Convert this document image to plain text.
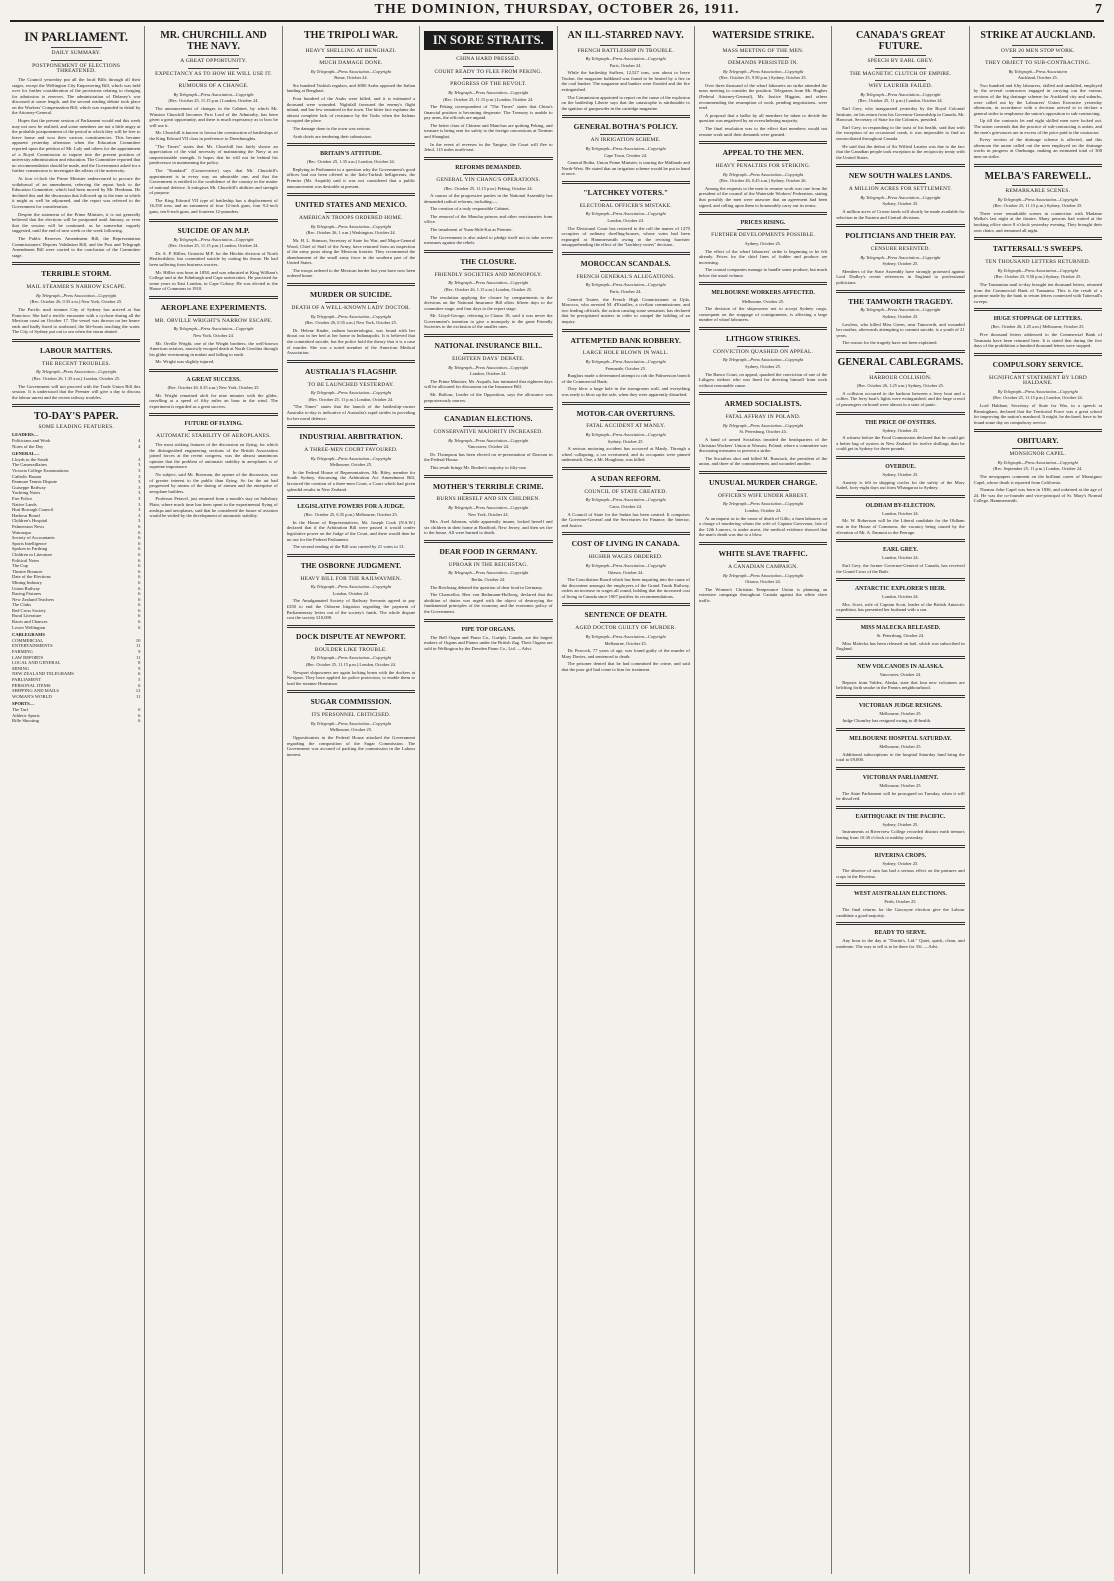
THE DOMINION, THURSDAY, OCTOBER 26, 1911.	7
IN PARLIAMENT.
DAILY SUMMARY.
POSTPONEMENT OF ELECTIONS THREATENED.

The Council yesterday put all the local Bills through all their stages, except the Wellington City Empowering Bill, which was held over for further consideration of the provisions relating to charging for admission to reserves. The administration of Delaney's war discussed at some length, and the second reading debate took place on the Workers' Compensation Bill, which was expanded in detail by the Attorney-General.

Hopes that the present session of Parliament would end this week may not now be realised, and some members are not a little angry at the probable postponement of the period at which they will be free to leave home and woo their various constituencies. This became apparent yesterday afternoon when the Education Committee reported upon the petition of Mr. Luly and others for the appointment of a Royal Commission to inquire into the present position of university administration and education. The Committee reported that no recommendation should be made, and the Government asked for a further commission to investigate the affairs of the university.

At four o'clock the Prime Minister endeavoured to procure the withdrawal of an amendment, referring the report back to the Education Committee, which had been moved by Mr. Herdman. He declined this and the discussion that followed up to the time at which it might as well be adjourned, and the report was referred to the Government for consideration.

Despite the statement of the Prime Minister, it is not generally believed that the elections will be postponed until January, or even that the session will be continued, as he somewhat vaguely suggested, until the end of next week or the week following.

The Public Reserves Amendment Bill, the Representation Commissioners' Reports Validation Bill, and the Post and Telegraph Amendment Bill were carried to the conclusion of the Committee stage.

TERRIBLE STORM.
MAIL STEAMER'S NARROW ESCAPE.
By Telegraph—Press Association—Copyright
(Rec. October 26, 0.35 a.m.) New York, October 25.

The Pacific mail steamer City of Sydney has arrived at San Francisco. She had a terrific encounter with a cyclone during all the Mexican coast on October 17. The vessel was thrown on her beam-ends and badly listed to starboard, the life-boats touching the water. The City of Sydney put out to sea when the storm abated.

LABOUR MATTERS.
THE RECENT TROUBLES.
By Telegraph—Press Association—Copyright
(Rec. October 26, 1.35 a.m.) London, October 25.

The Government will not proceed with the Trade Union Bill this session. It is understood that the Premier will give a day to discuss the labour unrest and the recent railway troubles.

TO-DAY'S PAPER.
SOME LEADING FEATURES.
LEADERS—
Politicians and Work	4
Notes of the Day	4
GENERAL—
Lloyds to the South	3
The Cameraillaires	3
Victoria College Examinations	3
Catholic Bazaar	3
Panmure Tennis Dispute	3
Guiseppe Railway	3
Yachting Notes	3
Fire Police	3
Native Lands	3
Hutt Borough Council	3
Harbour Board	3
Children's Hospital	3
Palmerston News	6
Wairarapa	6
Society of Accountants	6
Sports Intelligence	6
Spoken in Farthing	6
Children in Literature	6
Political Notes	6
The Cup	6
Theatre Bouncer	6
Date of the Elections	6
Mining Industry	6
Union Railway	6
Racing Fixtures	6
New Zealand Teachers	6
The Clubs	6
Red Cross Society	6
Rural Literature	6
Races and Chances	6
Lower Wellington	6
CABLEGRAMS
COMMERCIAL	10
ENTERTAINMENTS	11
FARMING	9
LAW REPORTS	11
LOCAL AND GENERAL	8
MINING	9
NEW ZEALAND TELEGRAMS	6
PARLIAMENT	5
PERSONAL ITEMS	6
SHIPPING AND MAILS	12
WOMAN'S WORLD	11
SPORTS—
The Turf	6
Athletic Sports	6
Rifle Shooting	6
MR. CHURCHILL AND THE NAVY.
A GREAT OPPORTUNITY.
EXPECTANCY AS TO HOW HE WILL USE IT.
RUMOURS OF A CHANGE.
By Telegraph—Press Association—Copyright
(Rec. October 25, 11.15 p.m.) London, October 24.

The announcement of changes in the Cabinet, by which Mr. Winston Churchill becomes First Lord of the Admiralty, has been given a great opportunity, and there is much expectancy as to how he will use it.

Mr. Churchill is known to favour the construction of battleships of the King Edward VII class in preference to Dreadnoughts.

"The Times" states that Mr. Churchill has fairly shown an appreciation of the vital necessity of maintaining the Navy at an unquestionable strength. It hopes that he will not be behind his predecessor in maintaining the policy.

The "Standard" (Conservative) says that Mr. Churchill's appointment is in every way an admirable one, and that the Government is entitled to the confidence of the country in the matter of national defence. It eulogises Mr. Churchill's abilities and strength of purpose.

The King Edward VII type of battleship has a displacement of 16,350 tons, and an armament of four 12-inch guns, four 9.2-inch guns, ten 6-inch guns, and fourteen 12-pounders.

SUICIDE OF AN M.P.
By Telegraph—Press Association—Copyright
(Rec. October 25, 11.15 p.m.) London, October 24.

Dr. A. P. Hillier, Unionist M.P. for the Hitchin division of North Hertfordshire, has committed suicide by cutting his throat. He had been suffering from business worries.

Mr. Hillier was born in 1858, and was educated at King William's College and at the Edinburgh and Cape universities. He practised for some years in East London, in Cape Colony. He was elected to the House of Commons in 1910.

AEROPLANE EXPERIMENTS.
MR. ORVILLE WRIGHT'S NARROW ESCAPE.
By Telegraph—Press Association—Copyright
New York, October 24.

Mr. Orville Wright, one of the Wright brothers, the well-known American aviators, narrowly escaped death at North Carolina through his glider overturning in midair and falling to earth.

Mr. Wright was slightly injured.

A GREAT SUCCESS.
(Rec. October 26, 0.35 a.m.) New York, October 25.

Mr. Wright remained aloft for nine minutes with the glider, travelling at a speed of fifty miles an hour in the wind. The experiment is regarded as a great success.

FUTURE OF FLYING.
AUTOMATIC STABILITY OF AEROPLANES.

The most striking features of the discussion on flying, for which the distinguished engineering sections of the British Association joined forces at the recent congress, was the almost unanimous opinion that the problem of automatic stability in aeroplanes is of supreme importance.

No subject, said Mr. Bowman, the opener of the discussion, was of greater interest to the public than flying. So far the art had progressed by means of the daring of airmen and the enterprise of aeroplane builders.

Professor Petavel, just returned from a month's stay on Salisbury Plain, where much time has been spent in the experimental flying of airships and aeroplanes, said that he considered the future of aviation would be settled by the development of automatic stability.

THE TRIPOLI WAR.
HEAVY SHELLING AT BENGHAZI.
MUCH DAMAGE DONE.
By Telegraph—Press Association—Copyright
Rome, October 24.

Six hundred Turkish regulars, and 4000 Arabs opposed the Italian landing at Benghazi.

Four hundred of the Arabs were killed, and it is estimated a thousand were wounded. Nightfall favoured the enemy's flight inland, and but few remained in the town. The bitter fact explains the almost complete lack of resistance by the Turks when the Italians occupied the place.

The damage done to the town was serious.

Arab chiefs are tendering their submission.

BRITAIN'S ATTITUDE.
(Rec. October 25, 1.35 a.m.) London, October 24.

Replying in Parliament to a question why the Government's good offices had not been offered to the Italo-Turkish belligerents, the Premier (Mr. Asquith) said it was not considered that a public announcement was desirable at present.

UNITED STATES AND MEXICO.
AMERICAN TROOPS ORDERED HOME.
By Telegraph—Press Association—Copyright
(Rec. October 26, 1 a.m.) Washington, October 24.

Mr. H. L. Stimson, Secretary of State for War, and Major-General Wood, Chief of Staff of the Army, have returned from an inspection of the army posts along the Mexican frontier. They recommend the abandonment of the small army force in the southern part of the United States.

The troops ordered to the Mexican border last year have now been ordered home.

MURDER OR SUICIDE.
DEATH OF A WELL-KNOWN LADY DOCTOR.
By Telegraph—Press Association—Copyright
(Rec. October 26, 0.35 a.m.) New York, October 25.

Dr. Helene Knabe, radium bacteriologist, was found with her throat cut in her bed at her home in Indianapolis. It is believed that she committed suicide, but the police hold the theory that it is a case of murder. She was a noted member of the American Medical Association.

AUSTRALIA'S FLAGSHIP.
TO BE LAUNCHED YESTERDAY.
By Telegraph—Press Association—Copyright
(Rec. October 25, 11 p.m.) London, October 24.

"The Times" states that the launch of the battleship-cruiser Australia to-day is indicative of Australia's rapid strides in providing for her naval defence.

INDUSTRIAL ARBITRATION.
A THREE-MEN COURT FAVOURED.
By Telegraph—Press Association—Copyright
Melbourne, October 25.

In the Federal House of Representatives, Mr. Riley, member for South Sydney, discussing the Arbitration Act Amendment Bill, favoured the creation of a three-men Court, a Court which had given splendid results in New Zealand.

LEGISLATIVE POWERS FOR A JUDGE.
(Rec. October 25, 6.35 p.m.) Melbourne, October 25.

In the House of Representatives, Mr. Joseph Cook (N.S.W.) declared that if the Arbitration Bill were passed it would confer legislative power on the Judge of the Court, and there would then be no use for the Federal Parliament.

The second reading of the Bill was carried by 21 votes to 13.

THE OSBORNE JUDGMENT.
HEAVY BILL FOR THE RAILWAYMEN.
By Telegraph—Press Association—Copyright
London, October 24.

The Amalgamated Society of Railway Servants agreed to pay £350 to end the Osborne litigation regarding the payment of Parliamentary levies out of the society's funds. The whole dispute cost the society £10,000.

DOCK DISPUTE AT NEWPORT.
BOULDER LIKE TROUBLE.
By Telegraph—Press Association—Copyright
(Rec. October 25, 11.15 p.m.) London, October 24.

Newport shipowners are again locking horns with the dockers at Newport. They have applied for police protection, to enable them to load the steamer Huntsman.

SUGAR COMMISSION.
ITS PERSONNEL CRITICISED.
By Telegraph—Press Association—Copyright
Melbourne, October 25.

Oppositionists in the Federal House attacked the Government regarding the composition of the Sugar Commission. The Government was accused of packing the commission in the Labour interest.

IN SORE STRAITS.
CHINA HARD PRESSED.
COURT READY TO FLEE FROM PEKING.
PROGRESS OF THE REVOLT.
By Telegraph—Press Association—Copyright
(Rec. October 25, 11.15 p.m.) London, October 24.

The Peking correspondent of "The Times" states that China's financial position is becoming desperate. The Treasury is unable to pay arms, the officials are unpaid.

The better class of Chinese and Manchus are quitting Peking, and treasure is being sent for safety to the foreign concessions at Tientsin and Shanghai.

In the event of reverses in the Yangtse, the Court will flee to Jehol, 115 miles north-east.

REFORMS DEMANDED.
GENERAL YIN CHANG'S OPERATIONS.
(Rec. October 25, 11.15 p.m.) Peking, October 24.

A caucus of the progressive parties in the National Assembly has demanded radical reforms, including:—

The creation of a truly responsible Cabinet.

The removal of the Manchu princes and other reactionaries from office.

The instalment of Yuan-Shih-Kai as Premier.

The Government is also asked to pledge itself not to take severe measures against the rebels.

THE CLOSURE.
FRIENDLY SOCIETIES AND MONOPOLY.
By Telegraph—Press Association—Copyright
(Rec. October 26, 1.15 a.m.) London, October 25.

The resolution applying the closure by compartments to the divisions on the National Insurance Bill allots fifteen days to the committee stage, and four days to the report stage.

Mr. Lloyd-George, referring to Clause 18, said it was never the Government's intention to give a monopoly to the great Friendly Societies to the exclusion of the smaller ones.

NATIONAL INSURANCE BILL.
EIGHTEEN DAYS' DEBATE.
By Telegraph—Press Association—Copyright
London, October 24.

The Prime Minister, Mr. Asquith, has intimated that eighteen days will be allocated for discussion on the Insurance Bill.

Mr. Balfour, Leader of the Opposition, says the allowance was preposterously narrow.

CANADIAN ELECTIONS.
CONSERVATIVE MAJORITY INCREASED.
By Telegraph—Press Association—Copyright
Vancouver, October 24.

Dr. Thompson has been elected on re-presentation of Dawson in the Federal House.

This result brings Mr. Borden's majority to fifty-one.

MOTHER'S TERRIBLE CRIME.
BURNS HERSELF AND SIX CHILDREN.
By Telegraph—Press Association—Copyright
New York, October 24.

Mrs. Axel Johnson, while apparently insane, locked herself and six children in their home at Bradford, New Jersey, and then set fire to the house. All were burned to death.

DEAR FOOD IN GERMANY.
UPROAR IN THE REICHSTAG.
By Telegraph—Press Association—Copyright
Berlin, October 24.

The Reichstag debated the question of dear food in Germany.

The Chancellor, Herr von Bethmann-Hollweg, declared that the abolition of duties was urged with the object of destroying the fundamental principles of the economy and the economic policy of the Government.

PIPE TOP ORGANS.

The Bell Organ and Piano Co., Guelph, Canada, are the largest makers of Organs and Pianos under the British flag. Their Organs are sold in Wellington by the Dresden Piano Co., Ltd. —Advt.

AN ILL-STARRED NAVY.
FRENCH BATTLESHIP IN TROUBLE.
By Telegraph—Press Association—Copyright
Paris, October 24.

While the battleship Suffren, 12,527 tons, was about to leave Toulon, the magazine bulkhead was found to be heated by a fire in the coal bunker. The magazine and bunker were flooded and the fire extinguished.

The Commission appointed to report on the cause of the explosion on the battleship Liberte says that the catastrophe is attributable to the ignition of gunpowder in the cartridge magazine.

GENERAL BOTHA'S POLICY.
AN IRRIGATION SCHEME.
By Telegraph—Press Association—Copyright
Cape Town, October 24.

General Botha, Union Prime Minister, is touring the Midlands and North-West. He stated that an irrigation scheme would be put in hand at once.

"LATCHKEY VOTERS."
ELECTORAL OFFICER'S MISTAKE.
By Telegraph—Press Association—Copyright
London, October 24.

The Divisional Court has restored to the roll the names of 1270 occupiers of ordinary dwelling-houses, whose votes had been expunged at Hammersmith owing to the revising barrister misapprehending the effect of the "latchkey voters" decision.

MOROCCAN SCANDALS.
FRENCH GENERAL'S ALLEGATIONS.
By Telegraph—Press Association—Copyright
Paris, October 24.

General Toutee, the French High Commissioner at Ujda, Morocco, who arrested M. d'Estailles, a civilian commissioner, and two leading officials, the action causing some sensation, has declared that he precipitated matters in order to compel the holding of an inquiry.

ATTEMPTED BANK ROBBERY.
LARGE HOLE BLOWN IN WALL.
By Telegraph—Press Association—Copyright
Fremantle, October 25.

Burglars made a determined attempt to rob the Palmerston branch of the Commercial Bank.

They blew a large hole in the strongroom wall, and everything was ready to blow up the safe, when they were apparently disturbed.

MOTOR-CAR OVERTURNS.
FATAL ACCIDENT AT MANLY.
By Telegraph—Press Association—Copyright
Sydney, October 25.

A serious motoring accident has occurred at Manly. Through a wheel collapsing, a car overturned, and its occupants were pinned underneath. One, a Mr. Houghton, was killed.

A SUDAN REFORM.
COUNCIL OF STATE CREATED.
By Telegraph—Press Association—Copyright
Cairo, October 24.

A Council of State for the Sudan has been created. It comprises the Governor-General and the Secretaries for Finance, the Interior, and Justice.

COST OF LIVING IN CANADA.
HIGHER WAGES ORDERED.
By Telegraph—Press Association—Copyright
Ottawa, October 24.

The Conciliation Board which has been inquiring into the cause of the discontent amongst the employees of the Grand Trunk Railway, orders an increase in wages all round, holding that the increased cost of living in Canada since 1907 justifies its recommendations.

SENTENCE OF DEATH.
AGED DOCTOR GUILTY OF MURDER.
By Telegraph—Press Association—Copyright
Melbourne, October 25.

Dr. Peacock, 77 years of age, was found guilty of the murder of Mary Davies, and sentenced to death.

The prisoner denied that he had committed the crime, and said that the poor girl had come to him for treatment.

WATERSIDE STRIKE.
MASS MEETING OF THE MEN.
DEMANDS PERSISTED IN.
By Telegraph—Press Association—Copyright
(Rec. October 25, 9.50 p.m.) Sydney, October 25.

Over three thousand of the wharf labourers on strike attended the mass meeting to consider the position. Telegrams from Mr. Hughes (Federal Attorney-General), Mr. Justice Higgins, and others recommending the resumption of work, pending negotiations, were read.

A proposal that a ballot by all members be taken to decide the question was negatived by an overwhelming majority.

The final resolution was to the effect that members would not resume work until their demands were granted.

APPEAL TO THE MEN.
HEAVY PENALTIES FOR STRIKING.
By Telegraph—Press Association—Copyright
(Rec. October 26, 0.45 a.m.) Sydney, October 26.

Among the requests to the men to resume work was one from the president of the council of the Waterside Workers' Federation, stating that possibly the men were unaware that an agreement had been signed, and calling upon them to honourably carry out its terms.

PRICES RISING.
FURTHER DEVELOPMENTS POSSIBLE.
Sydney, October 25.

The effect of the wharf labourers' strike is beginning to be felt already. Prices for the chief lines of fodder and produce are increasing.

The coastal companies manage to handle some produce, but much below the usual volume.

MELBOURNE WORKERS AFFECTED.
Melbourne, October 25.

The decision of the shipowners not to accept Sydney cargo, consequent on the stoppage of consignments, is affecting a large number of wharf labourers.

LITHGOW STRIKES.
CONVICTION QUASHED ON APPEAL.
By Telegraph—Press Association—Copyright
Sydney, October 25.

The Banco Court, on appeal, quashed the conviction of one of the Lithgow strikers who was fined for directing himself from work without reasonable cause.

ARMED SOCIALISTS.
FATAL AFFRAY IN POLAND.
By Telegraph—Press Association—Copyright
St. Petersburg, October 24.

A band of armed Socialists invaded the headquarters of the Christian Workers' Union at Warsaw, Poland, where a committee was discussing measures to prevent a strike.

The Socialists shot and killed M. Russiack, the president of the union, and three of the committeemen, and wounded another.

UNUSUAL MURDER CHARGE.
OFFICER'S WIFE UNDER ARREST.
By Telegraph—Press Association—Copyright
London, October 24.

At an inquest as to the cause of death of Gillo, a farm labourer, on a charge of murdering whom the wife of Captain Grosvenor, late of the 12th Lancers, is under arrest, the medical evidence showed that the man's death was due to a blow.

WHITE SLAVE TRAFFIC.
A CANADIAN CAMPAIGN.
By Telegraph—Press Association—Copyright
Ottawa, October 24.

The Women's Christian Temperance Union is planning an extensive campaign throughout Canada against the white slave traffic.

CANADA'S GREAT FUTURE.
SPEECH BY EARL GREY.
THE MAGNETIC CLUTCH OF EMPIRE.
WHY LAURIER FAILED.
By Telegraph—Press Association—Copyright
(Rec. October 25, 11 p.m.) London, October 24.

Earl Grey, who inaugurated yesterday by the Royal Colonial Institute, on his return from his Governor-Generalship in Canada, Mr. Harcourt, Secretary of State for the Colonies, presided.

Earl Grey, in responding to the toast of his health, said that with the exception of an occasional crank, it was impossible to find an unconciliated throughout Canada.

He said that the defeat of Sir Wilfrid Laurier was due to the fact that the Canadian people took exception to the reciprocity treaty with the United States.

NEW SOUTH WALES LANDS.
A MILLION ACRES FOR SETTLEMENT.
By Telegraph—Press Association—Copyright
Sydney, October 25.

A million acres of Crown lands will shortly be made available for selection in the Eastern and Central divisions.

POLITICIANS AND THEIR PAY.
CENSURE RESENTED.
By Telegraph—Press Association—Copyright
Sydney, October 25.

Members of the State Assembly have strongly protested against Lord Dudley's recent references in England to professional politicians.

THE TAMWORTH TRAGEDY.
By Telegraph—Press Association—Copyright
Sydney, October 25.

Lawless, who killed Miss Green, near Tamworth, and wounded her mother, afterwards attempting to commit suicide, is a youth of 21 years.

The reason for the tragedy have not been explained.

GENERAL CABLEGRAMS.
HARBOUR COLLISION.
(Rec. October 26, 1.25 a.m.) Sydney, October 25.

A collision occurred in the harbour between a ferry boat and a collier. The ferry boat's lights were extinguished, and the large crowd of passengers on board were almost in a state of panic.

THE PRICE OF OYSTERS.
Sydney, October 25.

A witness before the Food Commission declared that he could get a better bag of oysters in New Zealand for twelve shillings than he could get in Sydney for three pounds.

OVERDUE.
Sydney, October 25.

Anxiety is felt in shipping circles for the safety of the Mary Isabel, forty-eight days out from Whangaroa to Sydney.

OLDHAM BY-ELECTION.
London, October 24.

Mr. W. Robertson will be the Liberal candidate for the Oldham seat in the House of Commons, the vacancy being caused by the elevation of Mr. A. Emmott to the Peerage.

EARL GREY.
London, October 24.

Earl Grey, the former Governor-General of Canada, has received the Grand Cross of the Bath.

ANTARCTIC EXPLORER'S HEIR.
London, October 24.

Mrs. Scott, wife of Captain Scott, leader of the British Antarctic expedition, has presented her husband with a son.

MISS MALECKA RELEASED.
St. Petersburg, October 24.

Miss Malecka has been released on bail, which was subscribed in England.

NEW VOLCANOES IN ALASKA.
Vancouver, October 24.

Reports from Valdez, Alaska, state that four new volcanoes are belching forth smoke in the Pamirs neighbourhood.

VICTORIAN JUDGE RESIGNS.
Melbourne, October 25.

Judge Chomley has resigned owing to ill-health.

MELBOURNE HOSPITAL SATURDAY.
Melbourne, October 25.

Additional subscriptions to the hospital Saturday fund bring the total to £9,000.

VICTORIAN PARLIAMENT.
Melbourne, October 25.

The State Parliament will be prorogued on Tuesday, when it will be dissolved.

EARTHQUAKE IN THE PACIFIC.
Sydney, October 25.

Instruments at Riverview College recorded distinct earth tremors lasting from 10.30 o'clock to midday yesterday.

RIVERINA CROPS.
Sydney, October 25.

The absence of rain has had a serious effect on the pastures and crops in the Riverina.

WEST AUSTRALIAN ELECTIONS.
Perth, October 25.

The final returns for the Gascoyne election give the Labour candidate a good majority.

READY TO SERVE.

Any hour in the day at "Dustin's, Ltd." Quiet, quick, clean, and moderate. The way to tell is to be there for 3/6. —Advt.

STRIKE AT AUCKLAND.
OVER 20 MEN STOP WORK.
THEY OBJECT TO SUB-CONTRACTING.
By Telegraph—Press Association
Auckland, October 25.

Two hundred and fifty labourers, skilled and unskilled, employed by the several contractors engaged in carrying out the various sections of the big drainage scheme for Auckland city and suburbs, were called out by the Labourers' Union Executive yesterday afternoon, in accordance with a decision arrived at to declare a general strike to emphasise the union's opposition to sub-contracting.

Up till the contracts let and eight skilled men were locked out. The union contends that the practice of sub-contracting is unfair, and the men's grievances are in excess of the price paid to the contractor.

Every section of the drainage scheme is affected, and this afternoon the union called out the men employed on the drainage works in progress at Onehunga, making an estimated total of 300 men on strike.

MELBA'S FAREWELL.
REMARKABLE SCENES.
By Telegraph—Press Association—Copyright
(Rec. October 25, 11.15 p.m.) Sydney, October 25.

There were remarkable scenes in connection with Madame Melba's last night at the theatre. Many persons had waited at the booking office since 8 o'clock yesterday evening. They brought their own chairs, and remained all night.

TATTERSALL'S SWEEPS.
TEN THOUSAND LETTERS RETURNED.
By Telegraph—Press Association—Copyright
(Rec. October 25, 9.50 p.m.) Sydney, October 25.

The Tasmanian mail to-day brought ten thousand letters, returned from the Commercial Bank of Tasmania. This is the result of a promise made by the bank to return letters connected with Tattersall's sweeps.

HUGE STOPPAGE OF LETTERS.
(Rec. October 26, 1.25 a.m.) Melbourne, October 25.

Five thousand letters addressed to the Commercial Bank of Tasmania have been returned here. It is stated that during the five days of the prohibition a hundred thousand letters were stopped.

COMPULSORY SERVICE.
SIGNIFICANT STATEMENT BY LORD HALDANE.
By Telegraph—Press Association—Copyright
(Rec. October 25, 11.15 p.m.) London, October 24.

Lord Haldane, Secretary of State for War, in a speech at Birmingham, declared that the Territorial Force was a great school for improving the nation's manhood. It might, he declared, have to be found some day on compulsory service.

OBITUARY.
MONSIGNOR CAPEL.
By Telegraph—Press Association—Copyright
(Rec. September 25, 11 p.m.) London, October 24.

The newspapers comment on the brilliant career of Monsignor Capel, whose death is reported from California.

Thomas John Capel was born in 1836, and ordained at the age of 24. He was the co-founder and vice-principal of St. Mary's Normal College, Hammersmith.
